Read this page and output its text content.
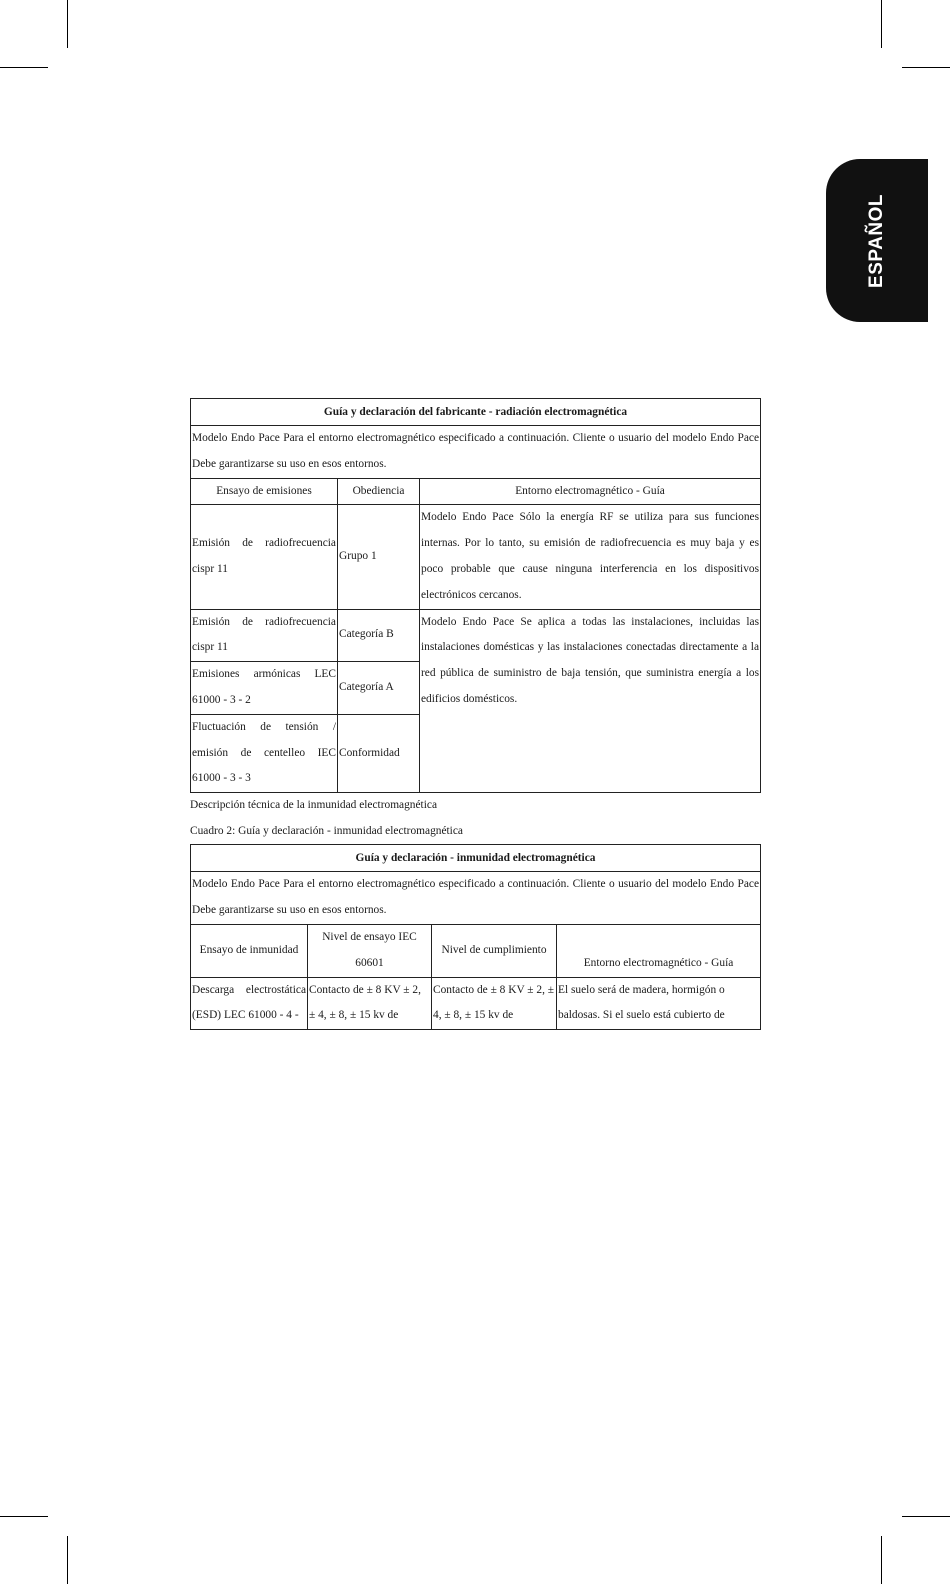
ESPAÑOL
Guía y declaración del fabricante - radiación electromagnética		
Modelo Endo Pace Para el entorno electromagnético especificado a continuación. Cliente o usuario del modelo Endo Pace Debe garantizarse su uso en esos entornos.		
Ensayo de emisiones	Obediencia	Entorno electromagnético - Guía
Emisión de radiofrecuencia cispr 11	Grupo 1	Modelo Endo Pace Sólo la energía RF se utiliza para sus funciones internas. Por lo tanto, su emisión de radiofrecuencia es muy baja y es poco probable que cause ninguna interferencia en los dispositivos electrónicos cercanos.
Emisión de radiofrecuencia cispr 11	Categoría B	Modelo Endo Pace Se aplica a todas las instalaciones, incluidas las instalaciones domésticas y las instalaciones conectadas directamente a la red pública de suministro de baja tensión, que suministra energía a los edificios domésticos.
Emisiones armónicas LEC 61000 - 3 - 2	Categoría A	
Fluctuación de tensión / emisión de centelleo IEC 61000 - 3 - 3	Conformidad	
Descripción técnica de la inmunidad electromagnética
Cuadro 2: Guía y declaración - inmunidad electromagnética
Guía y declaración - inmunidad electromagnética			
Modelo Endo Pace Para el entorno electromagnético especificado a continuación. Cliente o usuario del modelo Endo Pace Debe garantizarse su uso en esos entornos.			
Ensayo de inmunidad	Nivel de ensayo IEC 60601	Nivel de cumplimiento	Entorno electromagnético - Guía
Descarga electrostática (ESD) LEC 61000 - 4 -	Contacto de ± 8 KV ± 2, ± 4, ± 8, ± 15 kv de	Contacto de ± 8 KV ± 2, ± 4, ± 8, ± 15 kv de	El suelo será de madera, hormigón o baldosas. Si el suelo está cubierto de
